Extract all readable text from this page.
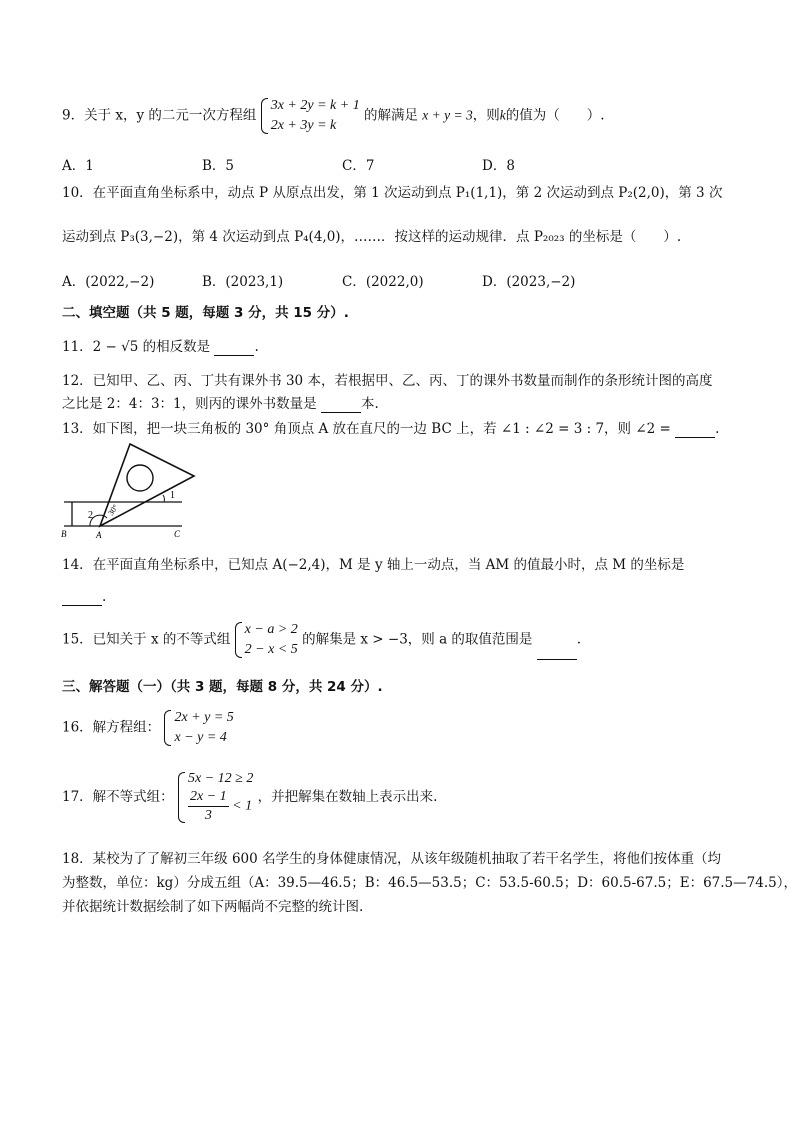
9．关于 x，y 的二元一次方程组
3x + 2y = k + 1
2x + 3y = k
的解满足 x + y = 3，则k的值为（　　）.
A．1	B．5	C．7	D．8
10．在平面直角坐标系中，动点 P 从原点出发，第 1 次运动到点 P₁(1,1)，第 2 次运动到点 P₂(2,0)，第 3 次
运动到点 P₃(3,−2)，第 4 次运动到点 P₄(4,0)，……．按这样的运动规律．点 P₂₀₂₃ 的坐标是（　　）.
A．(2022,−2)	B．(2023,1)	C．(2022,0)	D．(2023,−2)
二、填空题（共 5 题，每题 3 分，共 15 分）.
11．2 − √5 的相反数是	.
12．已知甲、乙、丙、丁共有课外书 30 本，若根据甲、乙、丙、丁的课外书数量而制作的条形统计图的高度
之比是 2：4：3：1，则丙的课外书数量是	本.
13．如下图，把一块三角板的 30° 角顶点 A 放在直尺的一边 BC 上，若 ∠1 : ∠2 = 3 : 7，则 ∠2 =	.
1
2
B	A	C
30°
14．在平面直角坐标系中，已知点 A(−2,4)，M 是 y 轴上一动点，当 AM 的值最小时，点 M 的坐标是
.
15．已知关于 x 的不等式组
x − a > 2
2 − x < 5
的解集是 x > −3，则 a 的取值范围是	.
三、解答题（一）（共 3 题，每题 8 分，共 24 分）.
16．解方程组：
2x + y = 5
x − y = 4
17．解不等式组：
5x − 12 ≥ 2
$\frac{2x - 1}{3} < 1$
，并把解集在数轴上表示出来.
18．某校为了了解初三年级 600 名学生的身体健康情况，从该年级随机抽取了若干名学生，将他们按体重（均
为整数，单位：kg）分成五组（A：39.5—46.5；B：46.5—53.5；C：53.5-60.5；D：60.5-67.5；E：67.5—74.5），
并依据统计数据绘制了如下两幅尚不完整的统计图.
